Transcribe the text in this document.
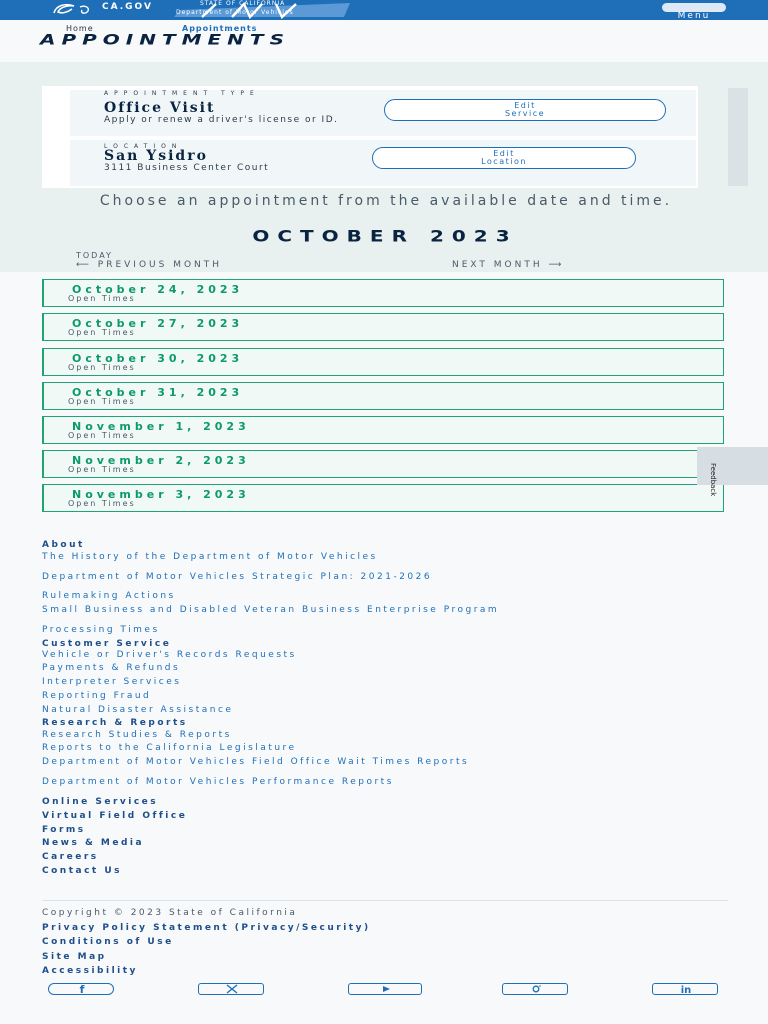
CA.GOV	STATE OF CALIFORNIA
Department of Motor Vehicles	Menu
Home	Appointments
APPOINTMENTS
APPOINTMENT TYPE
Office Visit
Apply or renew a driver's license or ID.
Edit Service
LOCATION
San Ysidro
3111 Business Center Court
Edit Location
Choose an appointment from the available date and time.
OCTOBER 2023
TODAY
⟵ PREVIOUS MONTH	NEXT MONTH ⟶
October 24, 2023
Open Times
October 27, 2023
Open Times
October 30, 2023
Open Times
October 31, 2023
Open Times
November 1, 2023
Open Times
November 2, 2023
Open Times
November 3, 2023
Open Times
Feedback
About
The History of the Department of Motor Vehicles
Department of Motor Vehicles Strategic Plan: 2021-2026
Rulemaking Actions
Small Business and Disabled Veteran Business Enterprise Program
Processing Times
Customer Service
Vehicle or Driver's Records Requests
Payments & Refunds
Interpreter Services
Reporting Fraud
Natural Disaster Assistance
Research & Reports
Research Studies & Reports
Reports to the California Legislature
Department of Motor Vehicles Field Office Wait Times Reports
Department of Motor Vehicles Performance Reports
Online Services
Virtual Field Office
Forms
News & Media
Careers
Contact Us
Copyright © 2023 State of California
Privacy Policy Statement (Privacy/Security)
Conditions of Use
Site Map
Accessibility
f	in
